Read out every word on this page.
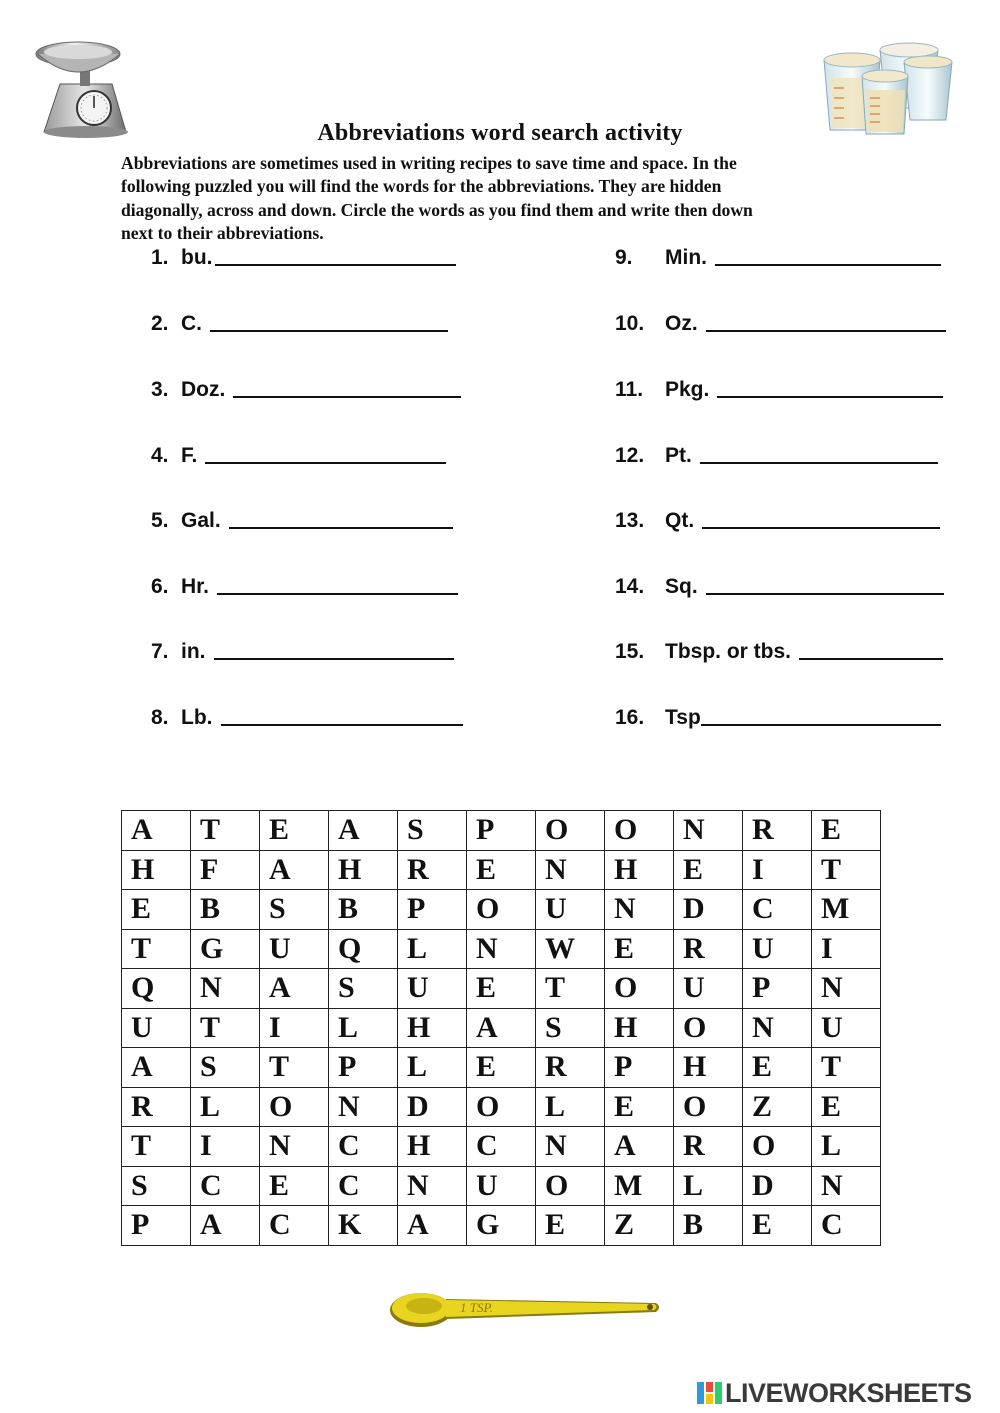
Abbreviations word search activity
Abbreviations are sometimes used in writing recipes to save time and space. In the
following puzzled you will find the words for the abbreviations. They are hidden
diagonally, across and down. Circle the words as you find them and write then down
next to their abbreviations.
1. bu.
2. C.
3. Doz.
4. F.
5. Gal.
6. Hr.
7. in.
8. Lb.
9.	Min.
10. Oz.
11.	Pkg.
12. Pt.
13. Qt.
14. Sq.
15. Tbsp. or tbs.
16. Tsp
A	T	E	A	S	P	O	O	N	R	E
H	F	A	H	R	E	N	H	E	I	T
E	B	S	B	P	O	U	N	D	C	M
T	G	U	Q	L	N	W	E	R	U	I
Q	N	A	S	U	E	T	O	U	P	N
U	T	I	L	H	A	S	H	O	N	U
A	S	T	P	L	E	R	P	H	E	T
R	L	O	N	D	O	L	E	O	Z	E
T	I	N	C	H	C	N	A	R	O	L
S	C	E	C	N	U	O	M	L	D	N
P	A	C	K	A	G	E	Z	B	E	C
1 TSP.
LIVEWORKSHEETS
